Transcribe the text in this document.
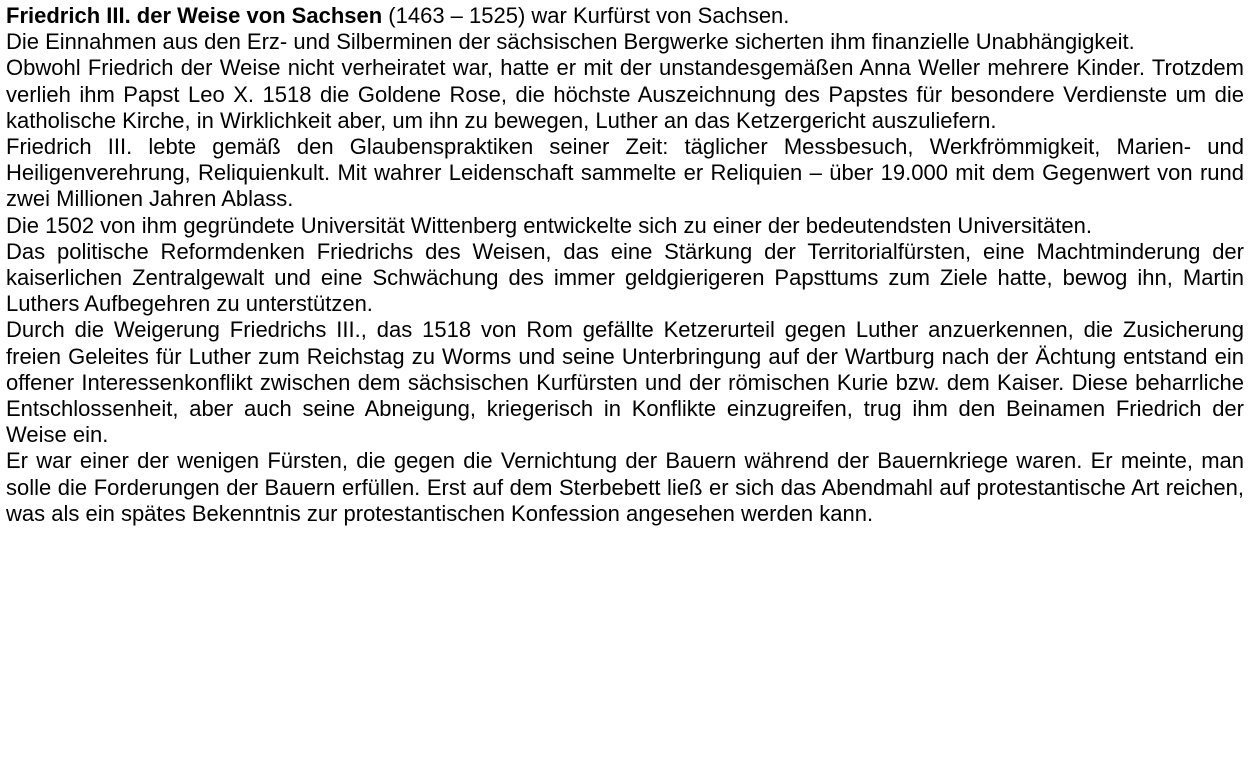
Friedrich III. der Weise von Sachsen (1463 – 1525) war Kurfürst von Sachsen.

Die Einnahmen aus den Erz- und Silberminen der sächsischen Bergwerke sicherten ihm finanzielle Unabhängigkeit.

Obwohl Friedrich der Weise nicht verheiratet war, hatte er mit der unstandesgemäßen Anna Weller mehrere Kinder. Trotzdem verlieh ihm Papst Leo X. 1518 die Goldene Rose, die höchste Auszeichnung des Papstes für besondere Verdienste um die katholische Kirche, in Wirklichkeit aber, um ihn zu bewegen, Luther an das Ketzergericht auszuliefern.

Friedrich III. lebte gemäß den Glaubenspraktiken seiner Zeit: täglicher Messbesuch, Werkfrömmigkeit, Marien- und Heiligenverehrung, Reliquienkult. Mit wahrer Leidenschaft sammelte er Reliquien – über 19.000 mit dem Gegenwert von rund zwei Millionen Jahren Ablass.

Die 1502 von ihm gegründete Universität Wittenberg entwickelte sich zu einer der bedeutendsten Universitäten.

Das politische Reformdenken Friedrichs des Weisen, das eine Stärkung der Territorialfürsten, eine Machtminderung der kaiserlichen Zentralgewalt und eine Schwächung des immer geldgierigeren Papsttums zum Ziele hatte, bewog ihn, Martin Luthers Aufbegehren zu unterstützen.

Durch die Weigerung Friedrichs III., das 1518 von Rom gefällte Ketzerurteil gegen Luther anzuerkennen, die Zusicherung freien Geleites für Luther zum Reichstag zu Worms und seine Unterbringung auf der Wartburg nach der Ächtung entstand ein offener Interessenkonflikt zwischen dem sächsischen Kurfürsten und der römischen Kurie bzw. dem Kaiser. Diese beharrliche Entschlossenheit, aber auch seine Abneigung, kriegerisch in Konflikte einzugreifen, trug ihm den Beinamen Friedrich der Weise ein.

Er war einer der wenigen Fürsten, die gegen die Vernichtung der Bauern während der Bauernkriege waren. Er meinte, man solle die Forderungen der Bauern erfüllen. Erst auf dem Sterbebett ließ er sich das Abendmahl auf protestantische Art reichen, was als ein spätes Bekenntnis zur protestantischen Konfession angesehen werden kann.
